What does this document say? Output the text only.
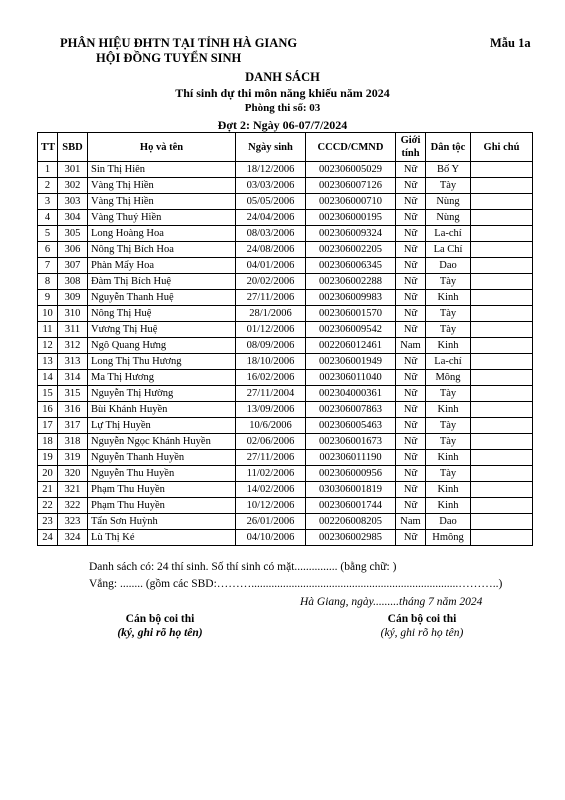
PHÂN HIỆU ĐHTN TẠI TỈNH HÀ GIANG
HỘI ĐỒNG TUYỂN SINH
Mẫu 1a
DANH SÁCH
Thí sinh dự thi môn năng khiếu năm 2024
Phòng thi số: 03
Đợt 2: Ngày 06-07/7/2024
TT	SBD	Họ và tên	Ngày sinh	CCCD/CMND	Giới tính	Dân tộc	Ghi chú
1	301	Sin Thị Hiên	18/12/2006	002306005029	Nữ	Bố Y	
2	302	Vàng Thị Hiền	03/03/2006	002306007126	Nữ	Tày	
3	303	Vàng Thị Hiền	05/05/2006	002306000710	Nữ	Nùng	
4	304	Vàng Thuý Hiền	24/04/2006	002306000195	Nữ	Nùng	
5	305	Long Hoàng Hoa	08/03/2006	002306009324	Nữ	La-chí	
6	306	Nông Thị Bích Hoa	24/08/2006	002306002205	Nữ	La Chí	
7	307	Phàn Mẩy Hoa	04/01/2006	002306006345	Nữ	Dao	
8	308	Đàm Thị Bích Huệ	20/02/2006	002306002288	Nữ	Tày	
9	309	Nguyễn Thanh Huệ	27/11/2006	002306009983	Nữ	Kinh	
10	310	Nông Thị Huệ	28/1/2006	002306001570	Nữ	Tày	
11	311	Vương Thị Huệ	01/12/2006	002306009542	Nữ	Tày	
12	312	Ngô Quang Hưng	08/09/2006	002206012461	Nam	Kinh	
13	313	Long Thị Thu Hương	18/10/2006	002306001949	Nữ	La-chí	
14	314	Ma Thị Hương	16/02/2006	002306011040	Nữ	Mông	
15	315	Nguyễn Thị Hường	27/11/2004	002304000361	Nữ	Tày	
16	316	Bùi Khánh Huyền	13/09/2006	002306007863	Nữ	Kinh	
17	317	Lự Thị Huyền	10/6/2006	002306005463	Nữ	Tày	
18	318	Nguyễn Ngọc Khánh Huyền	02/06/2006	002306001673	Nữ	Tày	
19	319	Nguyễn Thanh Huyền	27/11/2006	002306011190	Nữ	Kinh	
20	320	Nguyễn Thu Huyền	11/02/2006	002306000956	Nữ	Tày	
21	321	Phạm Thu Huyền	14/02/2006	030306001819	Nữ	Kinh	
22	322	Phạm Thu Huyền	10/12/2006	002306001744	Nữ	Kinh	
23	323	Tẩn Sơn Huỳnh	26/01/2006	002206008205	Nam	Dao	
24	324	Lù Thị Ké	04/10/2006	002306002985	Nữ	Hmông	
Danh sách có: 24 thí sinh. Số thí sinh có mặt............... (bằng chữ: )
Vắng: ........ (gồm các SBD:………........................................................................………..)
Hà Giang, ngày.........tháng 7 năm 2024
Cán bộ coi thi
(ký, ghi rõ họ tên)
Cán bộ coi thi
(ký, ghi rõ họ tên)
